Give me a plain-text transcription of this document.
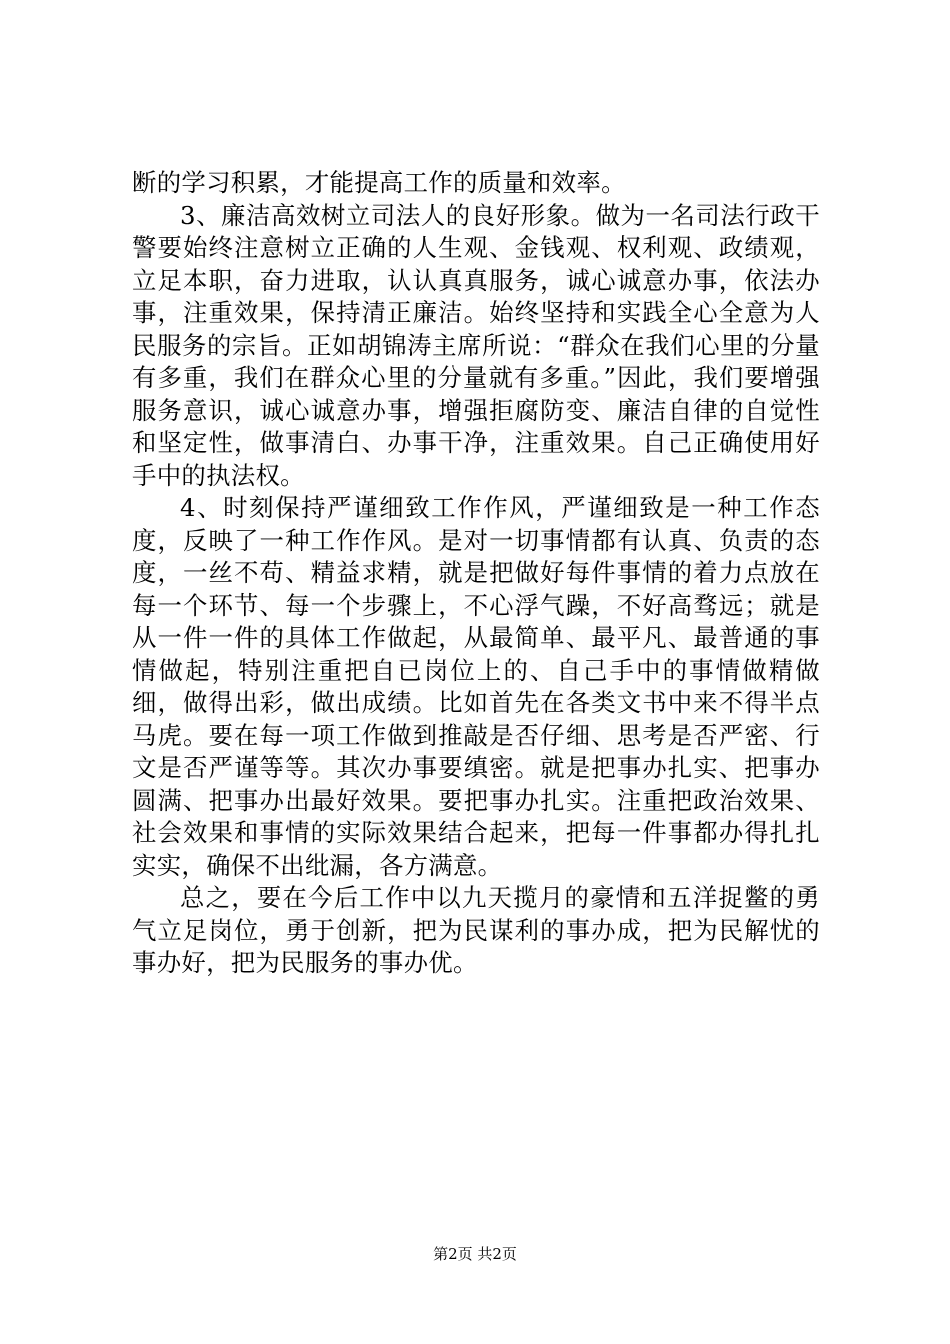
断的学习积累，才能提高工作的质量和效率。

3、廉洁高效树立司法人的良好形象。做为一名司法行政干警要始终注意树立正确的人生观、金钱观、权利观、政绩观，立足本职，奋力进取，认认真真服务，诚心诚意办事，依法办事，注重效果，保持清正廉洁。始终坚持和实践全心全意为人民服务的宗旨。正如胡锦涛主席所说：“群众在我们心里的分量有多重，我们在群众心里的分量就有多重。”因此，我们要增强服务意识，诚心诚意办事，增强拒腐防变、廉洁自律的自觉性和坚定性，做事清白、办事干净，注重效果。自己正确使用好手中的执法权。

4、时刻保持严谨细致工作作风，严谨细致是一种工作态度，反映了一种工作作风。是对一切事情都有认真、负责的态度，一丝不苟、精益求精，就是把做好每件事情的着力点放在每一个环节、每一个步骤上，不心浮气躁，不好高骛远；就是从一件一件的具体工作做起，从最简单、最平凡、最普通的事情做起，特别注重把自已岗位上的、自己手中的事情做精做细，做得出彩，做出成绩。比如首先在各类文书中来不得半点马虎。要在每一项工作做到推敲是否仔细、思考是否严密、行文是否严谨等等。其次办事要缜密。就是把事办扎实、把事办圆满、把事办出最好效果。要把事办扎实。注重把政治效果、社会效果和事情的实际效果结合起来，把每一件事都办得扎扎实实，确保不出纰漏，各方满意。

总之，要在今后工作中以九天揽月的豪情和五洋捉鳖的勇气立足岗位，勇于创新，把为民谋利的事办成，把为民解忧的事办好，把为民服务的事办优。

第2页 共2页
